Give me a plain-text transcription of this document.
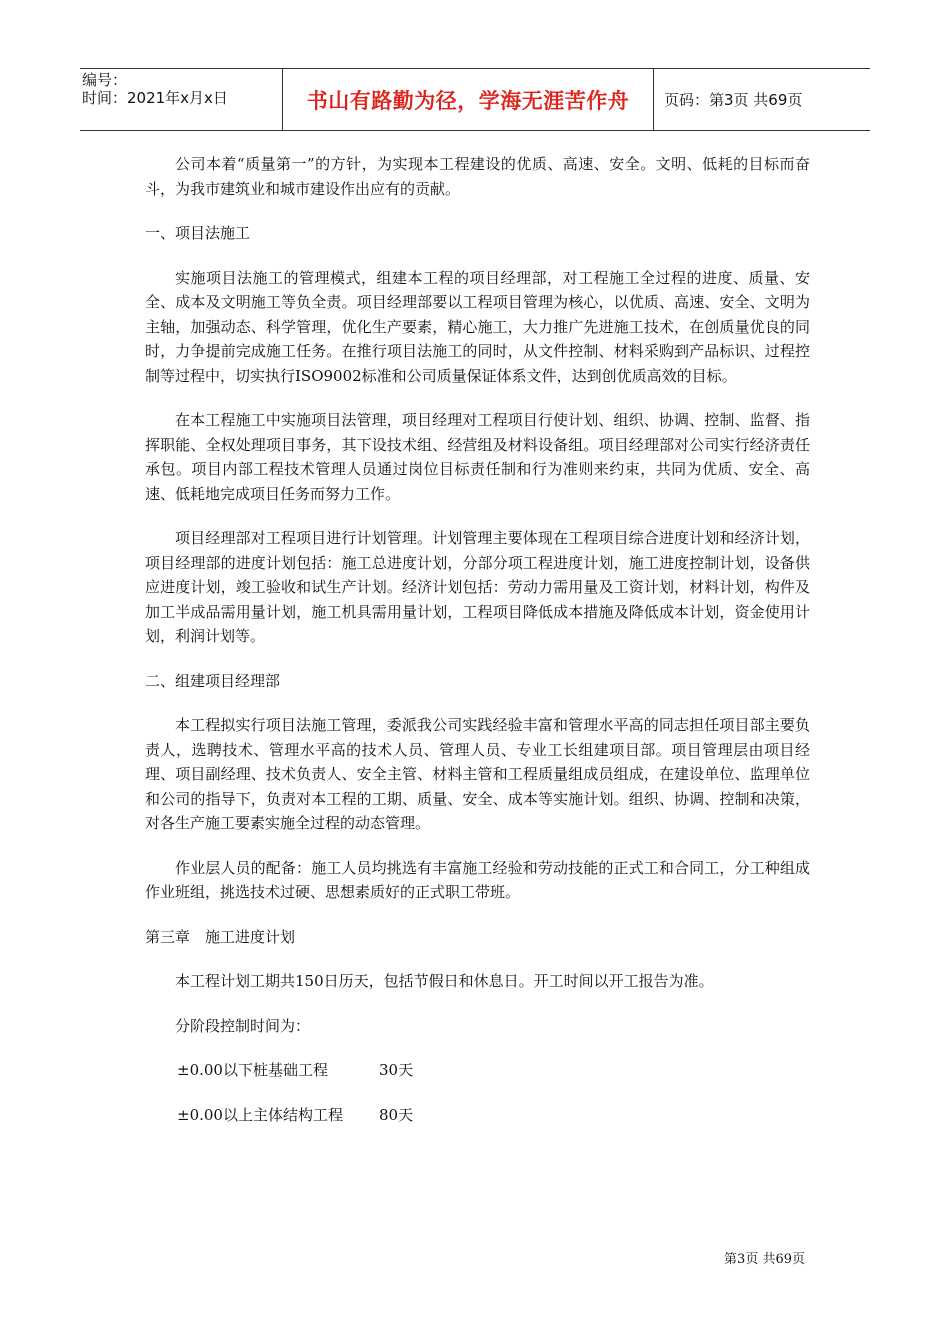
编号：
时间：2021年x月x日	书山有路勤为径，学海无涯苦作舟	页码：第3页 共69页

公司本着“质量第一”的方针，为实现本工程建设的优质、高速、安全。文明、低耗的目标而奋斗，为我市建筑业和城市建设作出应有的贡献。

一、项目法施工

实施项目法施工的管理模式，组建本工程的项目经理部，对工程施工全过程的进度、质量、安全、成本及文明施工等负全责。项目经理部要以工程项目管理为核心，以优质、高速、安全、文明为主轴，加强动态、科学管理，优化生产要素，精心施工，大力推广先进施工技术，在创质量优良的同时，力争提前完成施工任务。在推行项目法施工的同时，从文件控制、材料采购到产品标识、过程控制等过程中，切实执行ISO9002标准和公司质量保证体系文件，达到创优质高效的目标。

在本工程施工中实施项目法管理，项目经理对工程项目行使计划、组织、协调、控制、监督、指挥职能、全权处理项目事务，其下设技术组、经营组及材料设备组。项目经理部对公司实行经济责任承包。项目内部工程技术管理人员通过岗位目标责任制和行为准则来约束，共同为优质、安全、高速、低耗地完成项目任务而努力工作。

项目经理部对工程项目进行计划管理。计划管理主要体现在工程项目综合进度计划和经济计划，项目经理部的进度计划包括：施工总进度计划，分部分项工程进度计划，施工进度控制计划，设备供应进度计划，竣工验收和试生产计划。经济计划包括：劳动力需用量及工资计划，材料计划，构件及加工半成品需用量计划，施工机具需用量计划，工程项目降低成本措施及降低成本计划，资金使用计划，利润计划等。

二、组建项目经理部

本工程拟实行项目法施工管理，委派我公司实践经验丰富和管理水平高的同志担任项目部主要负责人，选聘技术、管理水平高的技术人员、管理人员、专业工长组建项目部。项目管理层由项目经理、项目副经理、技术负责人、安全主管、材料主管和工程质量组成员组成，在建设单位、监理单位和公司的指导下，负责对本工程的工期、质量、安全、成本等实施计划。组织、协调、控制和决策，对各生产施工要素实施全过程的动态管理。

作业层人员的配备：施工人员均挑选有丰富施工经验和劳动技能的正式工和合同工，分工种组成作业班组，挑选技术过硬、思想素质好的正式职工带班。

第三章　施工进度计划

本工程计划工期共150日历天，包括节假日和休息日。开工时间以开工报告为准。

分阶段控制时间为：

±0.00以下桩基础工程	30天
±0.00以上主体结构工程	80天
第3页 共69页
